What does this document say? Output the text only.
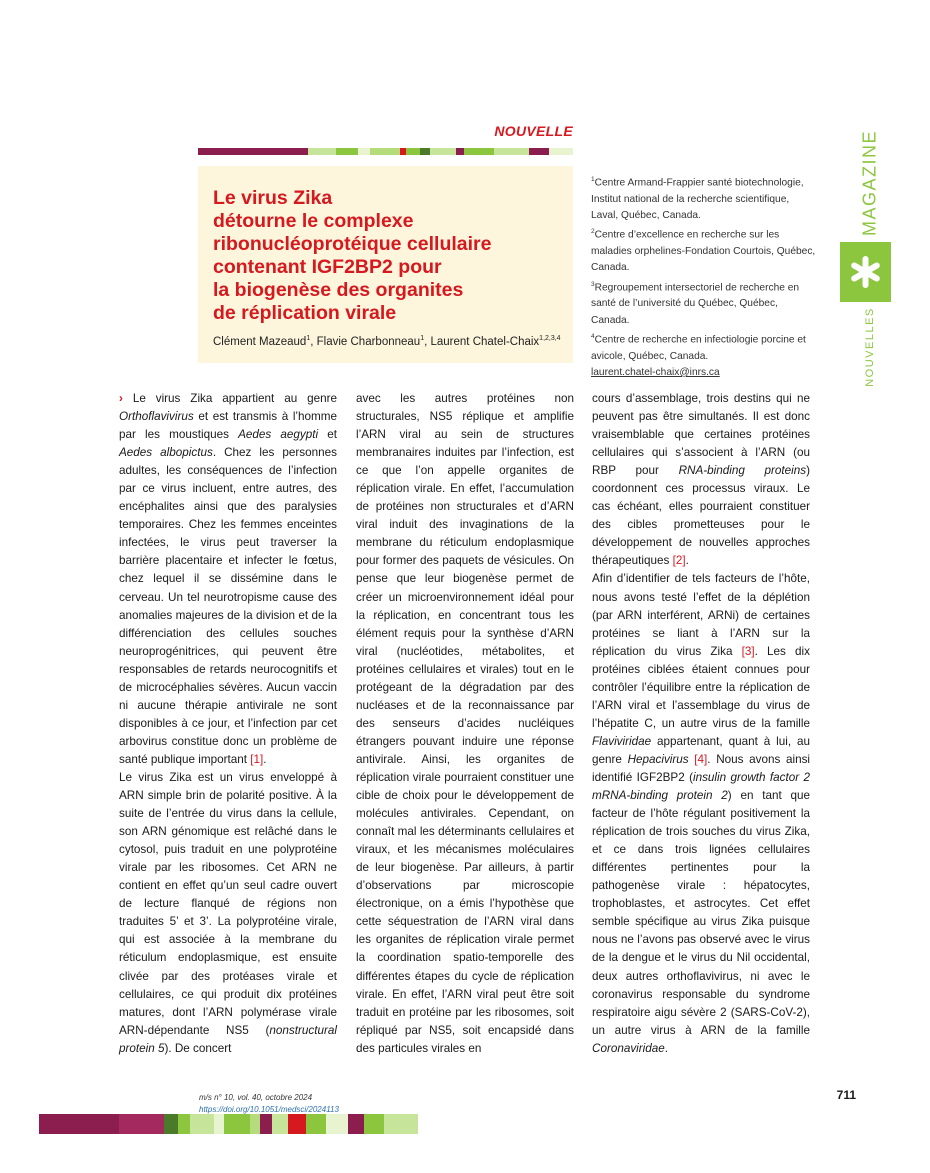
NOUVELLE
Le virus Zika
détourne le complexe
ribonucléoprotéique cellulaire
contenant IGF2BP2 pour
la biogenèse des organites
de réplication virale
Clément Mazeaud$^1$, Flavie Charbonneau$^1$, Laurent Chatel-Chaix$^{1,2,3,4}$

$^1$Centre Armand-Frappier santé biotechnologie, Institut national de la recherche scientifique, Laval, Québec, Canada.

$^2$Centre d’excellence en recherche sur les maladies orphelines-Fondation Courtois, Québec, Canada.

$^3$Regroupement intersectoriel de recherche en santé de l’université du Québec, Québec, Canada.

$^4$Centre de recherche en infectiologie porcine et avicole, Québec, Canada.

laurent.chatel-chaix@inrs.ca

MAGAZINE
NOUVELLES

› Le virus Zika appartient au genre Orthoflavivirus et est transmis à l’homme par les moustiques Aedes aegypti et Aedes albopictus. Chez les personnes adultes, les conséquences de l’infection par ce virus incluent, entre autres, des encéphalites ainsi que des paralysies temporaires. Chez les femmes enceintes infectées, le virus peut traverser la barrière placentaire et infecter le fœtus, chez lequel il se dissémine dans le cerveau. Un tel neurotropisme cause des anomalies majeures de la division et de la différenciation des cellules souches neuroprogénitrices, qui peuvent être responsables de retards neurocognitifs et de microcéphalies sévères. Aucun vaccin ni aucune thérapie antivirale ne sont disponibles à ce jour, et l’infection par cet arbovirus constitue donc un problème de santé publique important [1].

Le virus Zika est un virus enveloppé à ARN simple brin de polarité positive. À la suite de l’entrée du virus dans la cellule, son ARN génomique est relâché dans le cytosol, puis traduit en une polyprotéine virale par les ribosomes. Cet ARN ne contient en effet qu’un seul cadre ouvert de lecture flanqué de régions non traduites 5’ et 3’. La polyprotéine virale, qui est associée à la membrane du réticulum endoplasmique, est ensuite clivée par des protéases virale et cellulaires, ce qui produit dix protéines matures, dont l’ARN polymérase virale ARN-dépendante NS5 (nonstructural protein 5). De concert

avec les autres protéines non structurales, NS5 réplique et amplifie l’ARN viral au sein de structures membranaires induites par l’infection, est ce que l’on appelle organites de réplication virale. En effet, l’accumulation de protéines non structurales et d’ARN viral induit des invaginations de la membrane du réticulum endoplasmique pour former des paquets de vésicules. On pense que leur biogenèse permet de créer un microenvironnement idéal pour la réplication, en concentrant tous les élément requis pour la synthèse d’ARN viral (nucléotides, métabolites, et protéines cellulaires et virales) tout en le protégeant de la dégradation par des nucléases et de la reconnaissance par des senseurs d’acides nucléiques étrangers pouvant induire une réponse antivirale. Ainsi, les organites de réplication virale pourraient constituer une cible de choix pour le développement de molécules antivirales. Cependant, on connaît mal les déterminants cellulaires et viraux, et les mécanismes moléculaires de leur biogenèse. Par ailleurs, à partir d’observations par microscopie électronique, on a émis l’hypothèse que cette séquestration de l’ARN viral dans les organites de réplication virale permet la coordination spatio-temporelle des différentes étapes du cycle de réplication virale. En effet, l’ARN viral peut être soit traduit en protéine par les ribosomes, soit répliqué par NS5, soit encapsidé dans des particules virales en

cours d’assemblage, trois destins qui ne peuvent pas être simultanés. Il est donc vraisemblable que certaines protéines cellulaires qui s’associent à l’ARN (ou RBP pour RNA-binding proteins) coordonnent ces processus viraux. Le cas échéant, elles pourraient constituer des cibles prometteuses pour le développement de nouvelles approches thérapeutiques [2].

Afin d’identifier de tels facteurs de l’hôte, nous avons testé l’effet de la déplétion (par ARN interférent, ARNi) de certaines protéines se liant à l’ARN sur la réplication du virus Zika [3]. Les dix protéines ciblées étaient connues pour contrôler l’équilibre entre la réplication de l’ARN viral et l’assemblage du virus de l’hépatite C, un autre virus de la famille Flaviviridae appartenant, quant à lui, au genre Hepacivirus [4]. Nous avons ainsi identifié IGF2BP2 (insulin growth factor 2 mRNA-binding protein 2) en tant que facteur de l’hôte régulant positivement la réplication de trois souches du virus Zika, et ce dans trois lignées cellulaires différentes pertinentes pour la pathogenèse virale : hépatocytes, trophoblastes, et astrocytes. Cet effet semble spécifique au virus Zika puisque nous ne l’avons pas observé avec le virus de la dengue et le virus du Nil occidental, deux autres orthoflavivirus, ni avec le coronavirus responsable du syndrome respiratoire aigu sévère 2 (SARS-CoV-2), un autre virus à ARN de la famille Coronaviridae.

m/s n° 10, vol. 40, octobre 2024
https://doi.org/10.1051/medsci/2024113
711
